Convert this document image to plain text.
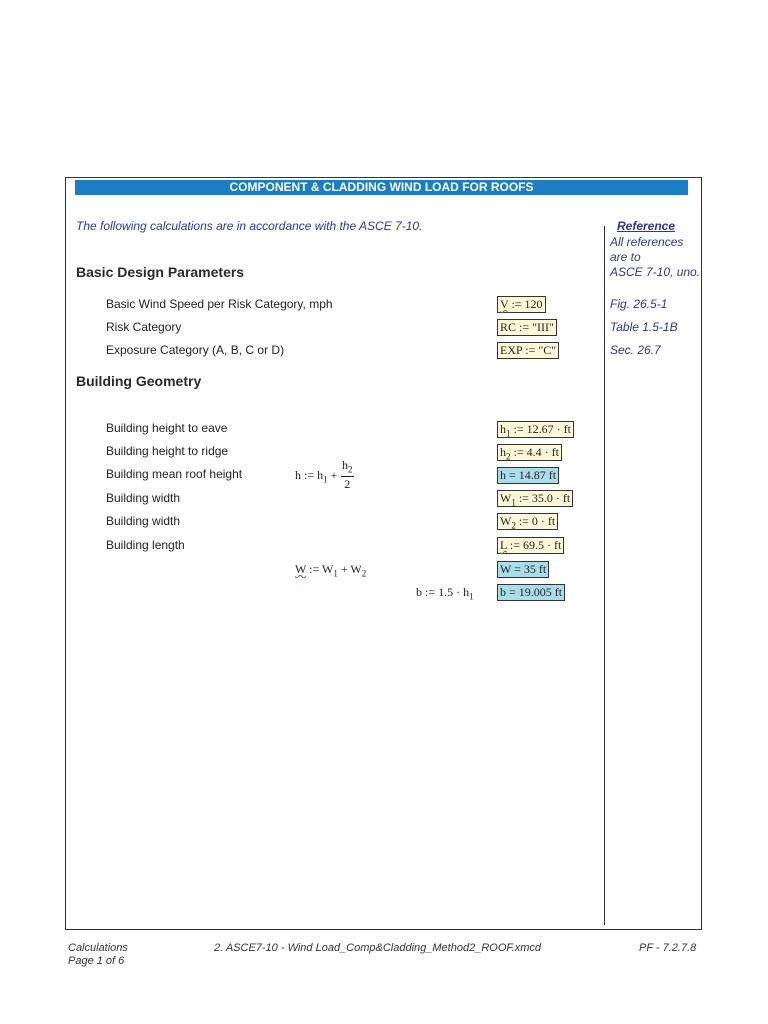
COMPONENT & CLADDING WIND LOAD FOR ROOFS
The following calculations are in accordance with the ASCE 7-10.	Reference
All references
are to
ASCE 7-10, uno.
Basic Design Parameters
Basic Wind Speed per Risk Category, mph	V := 120	Fig. 26.5-1
Risk Category	RC := "III"	Table 1.5-1B
Exposure Category (A, B, C or D)	EXP := "C"	Sec. 26.7
Building Geometry
Building height to eave	$h_1$ := 12.67 · ft
Building height to ridge	$h_2$ := 4.4 · ft
Building mean roof height	h := $h_1 + \frac{h_2}{2}$	h = 14.87 ft
Building width	$W_1$ := 35.0 · ft
Building width	$W_2$ := 0 · ft
Building length	L := 69.5 · ft
W := $W_1 + W_2$	W = 35 ft
b := $1.5 \cdot h_1$ b = 19.005 ft
Calculations
Page 1 of 6
2. ASCE7-10 - Wind Load_Comp&Cladding_Method2_ROOF.xmcd	PF - 7.2.7.8
